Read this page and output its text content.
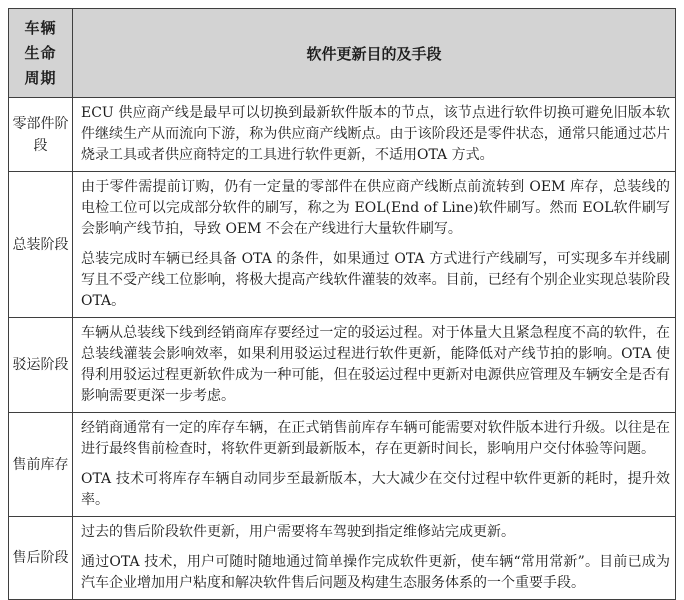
车辆
生命
周期	软件更新目的及手段
零部件阶段	ECU 供应商产线是最早可以切换到最新软件版本的节点，该节点进行软件切换可避免旧版本软件继续生产从而流向下游，称为供应商产线断点。由于该阶段还是零件状态，通常只能通过芯片烧录工具或者供应商特定的工具进行软件更新，不适用OTA 方式。

总装阶段	由于零件需提前订购，仍有一定量的零部件在供应商产线断点前流转到 OEM 库存，总装线的电检工位可以完成部分软件的刷写，称之为 EOL(End of Line)软件刷写。然而 EOL软件刷写会影响产线节拍，导致 OEM 不会在产线进行大量软件刷写。

总装完成时车辆已经具备 OTA 的条件，如果通过 OTA 方式进行产线刷写，可实现多车并线刷写且不受产线工位影响，将极大提高产线软件灌装的效率。目前，已经有个别企业实现总装阶段 OTA。

驳运阶段	车辆从总装线下线到经销商库存要经过一定的驳运过程。对于体量大且紧急程度不高的软件，在总装线灌装会影响效率，如果利用驳运过程进行软件更新，能降低对产线节拍的影响。OTA 使得利用驳运过程更新软件成为一种可能，但在驳运过程中更新对电源供应管理及车辆安全是否有影响需要更深一步考虑。

售前库存	经销商通常有一定的库存车辆，在正式销售前库存车辆可能需要对软件版本进行升级。以往是在进行最终售前检查时，将软件更新到最新版本，存在更新时间长，影响用户交付体验等问题。

OTA 技术可将库存车辆自动同步至最新版本，大大减少在交付过程中软件更新的耗时，提升效率。

售后阶段	过去的售后阶段软件更新，用户需要将车驾驶到指定维修站完成更新。

通过OTA 技术，用户可随时随地通过简单操作完成软件更新，使车辆“常用常新”。目前已成为汽车企业增加用户粘度和解决软件售后问题及构建生态服务体系的一个重要手段。
